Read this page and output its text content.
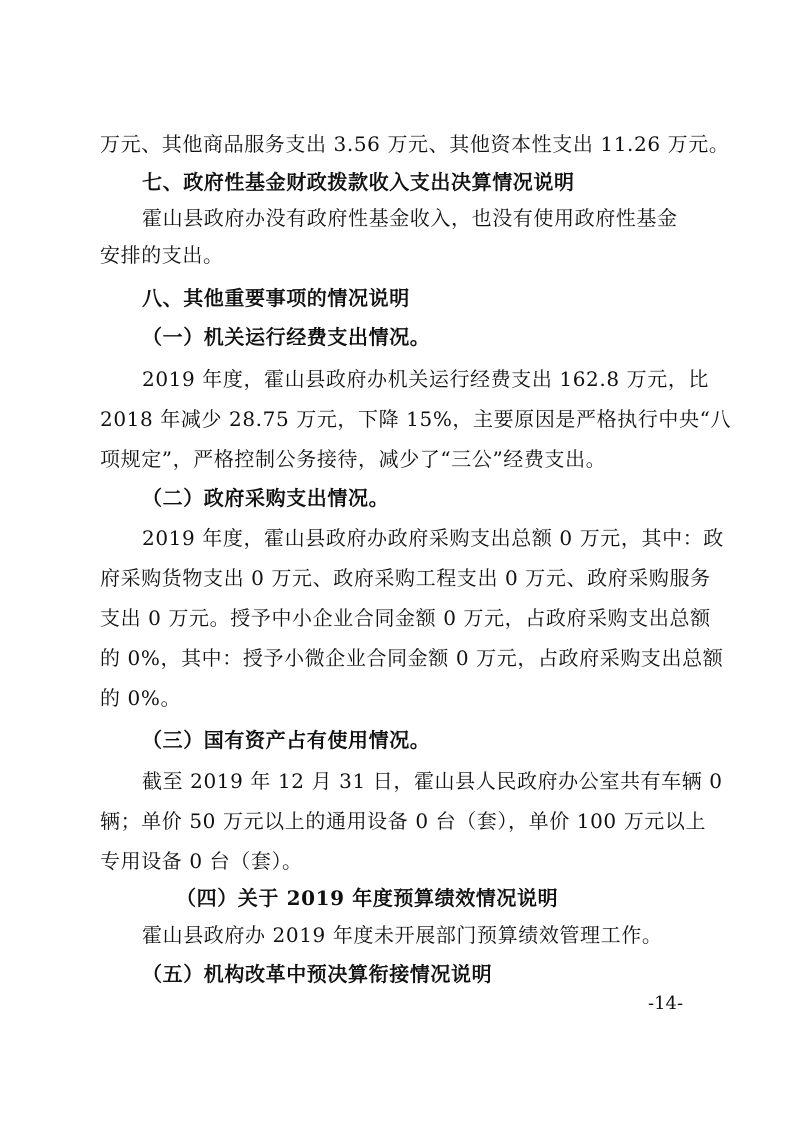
万元、其他商品服务支出 3.56 万元、其他资本性支出 11.26 万元。
七、政府性基金财政拨款收入支出决算情况说明
霍山县政府办没有政府性基金收入，也没有使用政府性基金
安排的支出。
八、其他重要事项的情况说明
（一）机关运行经费支出情况。
2019 年度，霍山县政府办机关运行经费支出 162.8 万元，比
2018 年减少 28.75 万元，下降 15%，主要原因是严格执行中央“八
项规定”，严格控制公务接待，减少了“三公”经费支出。
（二）政府采购支出情况。
2019 年度，霍山县政府办政府采购支出总额 0 万元，其中：政
府采购货物支出 0 万元、政府采购工程支出 0 万元、政府采购服务
支出 0 万元。授予中小企业合同金额 0 万元，占政府采购支出总额
的 0%，其中：授予小微企业合同金额 0 万元，占政府采购支出总额
的 0%。
（三）国有资产占有使用情况。
截至 2019 年 12 月 31 日，霍山县人民政府办公室共有车辆 0
辆；单价 50 万元以上的通用设备 0 台（套），单价 100 万元以上
专用设备 0 台（套）。
（四）关于 2019 年度预算绩效情况说明
霍山县政府办 2019 年度未开展部门预算绩效管理工作。
（五）机构改革中预决算衔接情况说明
-14-
